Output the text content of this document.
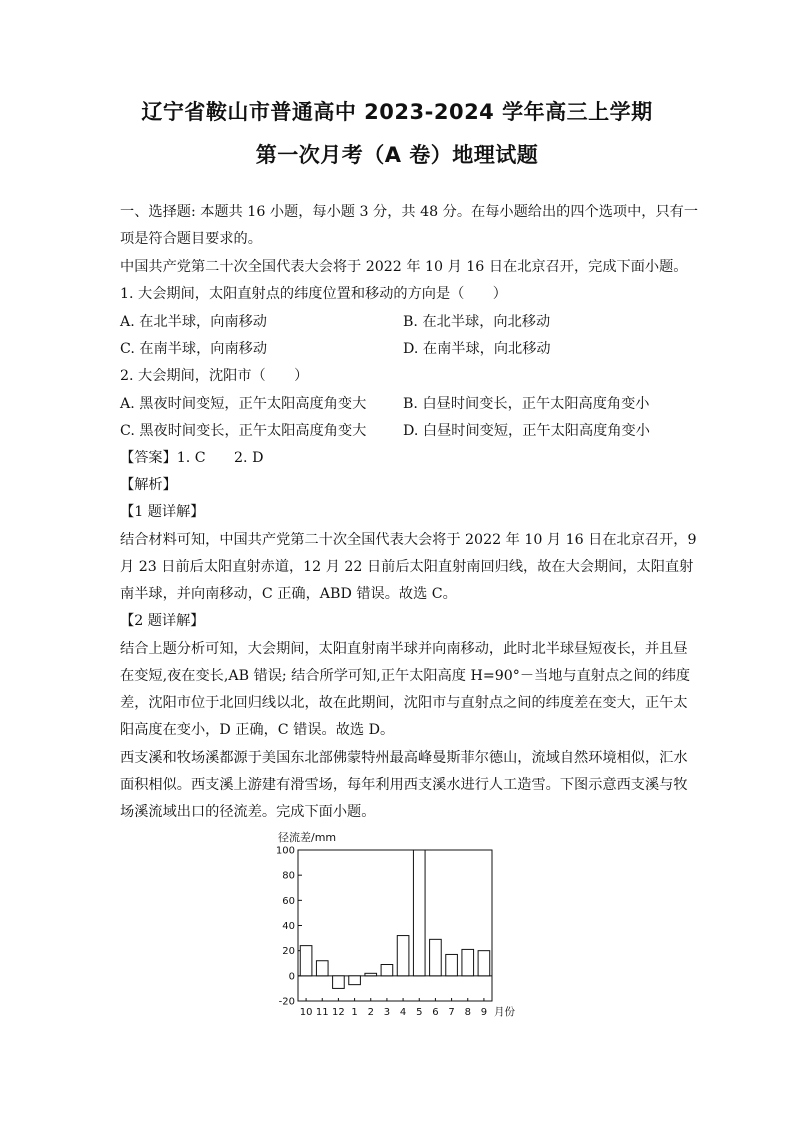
辽宁省鞍山市普通高中 2023-2024 学年高三上学期
第一次月考（A 卷）地理试题
一、选择题: 本题共 16 小题，每小题 3 分，共 48 分。在每小题给出的四个选项中，只有一
项是符合题目要求的。
中国共产党第二十次全国代表大会将于 2022 年 10 月 16 日在北京召开，完成下面小题。
1. 大会期间，太阳直射点的纬度位置和移动的方向是（　　）
A. 在北半球，向南移动	B. 在北半球，向北移动
C. 在南半球，向南移动	D. 在南半球，向北移动
2. 大会期间，沈阳市（　　）
A. 黑夜时间变短，正午太阳高度角变大	B. 白昼时间变长，正午太阳高度角变小
C. 黑夜时间变长，正午太阳高度角变大	D. 白昼时间变短，正午太阳高度角变小
【答案】1. C　　2. D
【解析】
【1 题详解】
结合材料可知，中国共产党第二十次全国代表大会将于 2022 年 10 月 16 日在北京召开，9
月 23 日前后太阳直射赤道，12 月 22 日前后太阳直射南回归线，故在大会期间，太阳直射
南半球，并向南移动，C 正确，ABD 错误。故选 C。
【2 题详解】
结合上题分析可知，大会期间，太阳直射南半球并向南移动，此时北半球昼短夜长，并且昼
在变短,夜在变长,AB 错误; 结合所学可知,正午太阳高度 H=90°－当地与直射点之间的纬度
差，沈阳市位于北回归线以北，故在此期间，沈阳市与直射点之间的纬度差在变大，正午太
阳高度在变小，D 正确，C 错误。故选 D。
西支溪和牧场溪都源于美国东北部佛蒙特州最高峰曼斯菲尔德山，流域自然环境相似，汇水
面积相似。西支溪上游建有滑雪场，每年利用西支溪水进行人工造雪。下图示意西支溪与牧
场溪流域出口的径流差。完成下面小题。
径流差/mm
-20
0
20
40
60
80
100
10 11 12 1 2 3 4 5 6 7 8 9 月份
